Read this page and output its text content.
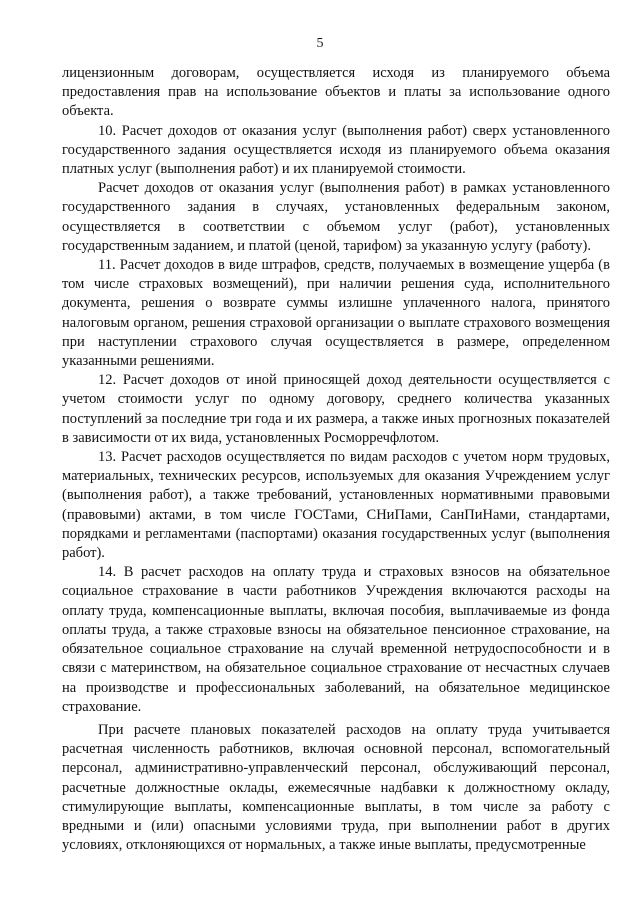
5

лицензионным договорам, осуществляется исходя из планируемого объема предоставления прав на использование объектов и платы за использование одного объекта.

10. Расчет доходов от оказания услуг (выполнения работ) сверх установленного государственного задания осуществляется исходя из планируемого объема оказания платных услуг (выполнения работ) и их планируемой стоимости.

Расчет доходов от оказания услуг (выполнения работ) в рамках установленного государственного задания в случаях, установленных федеральным законом, осуществляется в соответствии с объемом услуг (работ), установленных государственным заданием, и платой (ценой, тарифом) за указанную услугу (работу).

11. Расчет доходов в виде штрафов, средств, получаемых в возмещение ущерба (в том числе страховых возмещений), при наличии решения суда, исполнительного документа, решения о возврате суммы излишне уплаченного налога, принятого налоговым органом, решения страховой организации о выплате страхового возмещения при наступлении страхового случая осуществляется в размере, определенном указанными решениями.

12. Расчет доходов от иной приносящей доход деятельности осуществляется с учетом стоимости услуг по одному договору, среднего количества указанных поступлений за последние три года и их размера, а также иных прогнозных показателей в зависимости от их вида, установленных Росморречфлотом.

13. Расчет расходов осуществляется по видам расходов с учетом норм трудовых, материальных, технических ресурсов, используемых для оказания Учреждением услуг (выполнения работ), а также требований, установленных нормативными правовыми (правовыми) актами, в том числе ГОСТами, СНиПами, СанПиНами, стандартами, порядками и регламентами (паспортами) оказания государственных услуг (выполнения работ).

14. В расчет расходов на оплату труда и страховых взносов на обязательное социальное страхование в части работников Учреждения включаются расходы на оплату труда, компенсационные выплаты, включая пособия, выплачиваемые из фонда оплаты труда, а также страховые взносы на обязательное пенсионное страхование, на обязательное социальное страхование на случай временной нетрудоспособности и в связи с материнством, на обязательное социальное страхование от несчастных случаев на производстве и профессиональных заболеваний, на обязательное медицинское страхование.

При расчете плановых показателей расходов на оплату труда учитывается расчетная численность работников, включая основной персонал, вспомогательный персонал, административно-управленческий персонал, обслуживающий персонал, расчетные должностные оклады, ежемесячные надбавки к должностному окладу, стимулирующие выплаты, компенсационные выплаты, в том числе за работу с вредными и (или) опасными условиями труда, при выполнении работ в других условиях, отклоняющихся от нормальных, а также иные выплаты, предусмотренные
